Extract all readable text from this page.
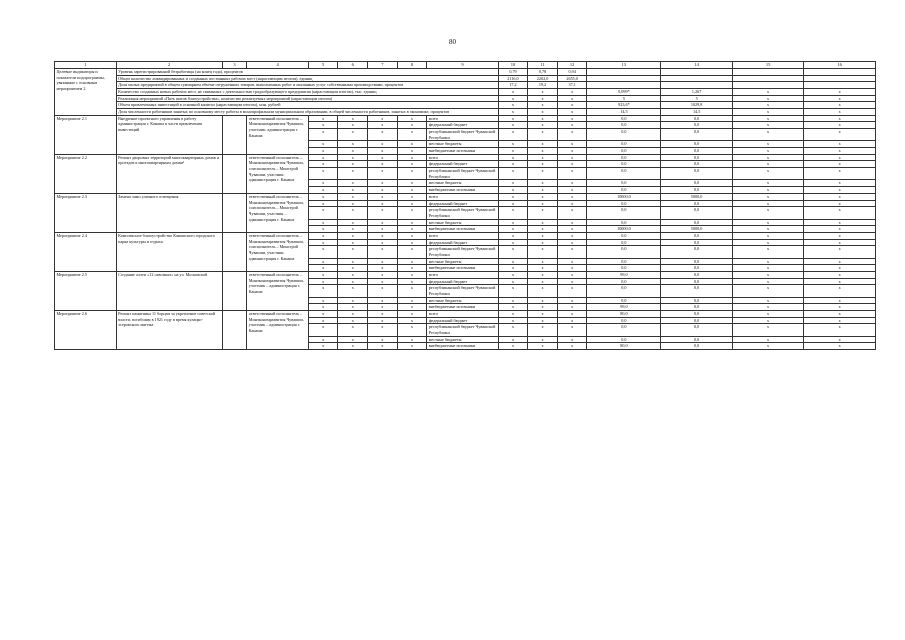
80
1	2	3	4	5	6	7	8	9	10	11	12	13	14	15	16
Целевые индикаторы и показатели подпрограммы, увязанные с основным мероприятием 2	Уровень зарегистрированной безработицы (на конец года), процентов								0,79	0,78	0,94				
	Общее количество ликвидированных и созданных постоянных рабочих мест (нарастающим итогом), единиц								2116,0	2202,0	2655,0				
	Доля малых предприятий в общем суммарном объеме отгруженных товаров, выполненных работ и оказанных услуг собственными производствами, процентов								17,2	19,2	37,1				
	Количество созданных новых рабочих мест, не связанных с деятельностью градообразующего предприятия (нарастающим итогом), тыс. единиц								х	х	х	0,099*	1,267	х	х
	Реализация мероприятий «Пять шагов благоустройства», количество реализуемых мероприятий (нарастающим итогом)								х	х	х	5	5	х	х
	Объем привлеченных инвестиций в основной капитал (нарастающим итогом), млн. рублей								х	х	х	923,6*	1029,8	х	х
	Доля численности работников занятых по основному месту работы в монопрофильном муниципальном образовании, в общей численности работников, занятых в экономике, процентов								х	х	х	14,5	14,5	х	х
Мероприятие 2.1	Внедрение проектного управления в работу администрации г. Канаша в части привлечения инвестиций		ответственный исполнитель – Минэкономразвития Чувашии, участник: администрация г. Канаша	х	х	х	х	всего	х	х	х	0,0	0,0	х	х
				х	х	х	х	федеральный бюджет	х	х	х	0,0	0,0	х	х
				х	х	х	х	республиканский бюджет Чувашской Республики	х	х	х	0,0	0,0	х	х
				х	х	х	х	местные бюджеты	х	х	х	0,0	0,0	х	х
				х	х	х	х	внебюджетные источники	х	х	х	0,0	0,0	х	х
Мероприятие 2.2	Ремонт дворовых территорий многоквартирных домов и проездов к многоквартирным домам¹		ответственный исполнитель – Минэкономразвития Чувашии, соисполнитель – Минстрой Чувашии, участник: администрация г. Канаша	х	х	х	х	всего	х	х	х	0,0	0,0	х	х
				х	х	х	х	федеральный бюджет	х	х	х	0,0	0,0	х	х
				х	х	х	х	республиканский бюджет Чувашской Республики	х	х	х	0,0	0,0	х	х
				х	х	х	х	местные бюджеты	х	х	х	0,0	0,0	х	х
				х	х	х	х	внебюджетные источники	х	х	х	0,0	0,0	х	х
Мероприятие 2.3	Замена ламп уличного освещения		ответственный исполнитель – Минэкономразвития Чувашии, соисполнитель – Минстрой Чувашии, участник – администрация г. Канаша	х	х	х	х	всего	х	х	х	10000,0	5000,0	х	х
				х	х	х	х	федеральный бюджет	х	х	х	0,0	0,0	х	х
				х	х	х	х	республиканский бюджет Чувашской Республики	х	х	х	0,0	0,0	х	х
				х	х	х	х	местные бюджеты	х	х	х	0,0	0,0	х	х
				х	х	х	х	внебюджетные источники	х	х	х	10000,0	5000,0	х	х
Мероприятие 2.4	Комплексное благоустройство Канашского городского парка культуры и отдыха		ответственный исполнитель – Минэкономразвития Чувашии, соисполнитель – Минстрой Чувашии, участник: администрация г. Канаша	х	х	х	х	всего	х	х	х	0,0	0,0	х	х
				х	х	х	х	федеральный бюджет	х	х	х	0,0	0,0	х	х
				х	х	х	х	республиканский бюджет Чувашской Республики	х	х	х	0,0	0,0	х	х
				х	х	х	х	местные бюджеты	х	х	х	0,0	0,0	х	х
				х	х	х	х	внебюджетные источники	х	х	х	0,0	0,0	х	х
Мероприятие 2.5	Создание аллеи «12 сквозных» на ул. Московской		ответственный исполнитель – Минэкономразвития Чувашии, участник – администрация г. Канаша	х	х	х	х	всего	х	х	х	99,0	0,0	х	х
				х	х	х	х	федеральный бюджет	х	х	х	0,0	0,0	х	х
				х	х	х	х	республиканский бюджет Чувашской Республики	х	х	х	0,0	0,0	х	х
				х	х	х	х	местные бюджеты	х	х	х	0,0	0,0	х	х
				х	х	х	х	внебюджетные источники	х	х	х	99,0	0,0	х	х
Мероприятие 2.6	Ремонт памятника 11 борцам за укрепление советской власти, погибшим в 1921 году в время кулацко-эсеровского мятежа		ответственный исполнитель – Минэкономразвития Чувашии, участник – администрация г. Канаша	х	х	х	х	всего	х	х	х	80,0	0,0	х	х
				х	х	х	х	федеральный бюджет	х	х	х	0,0	0,0	х	х
				х	х	х	х	республиканский бюджет Чувашской Республики	х	х	х	0,0	0,0	х	х
				х	х	х	х	местные бюджеты	х	х	х	0,0	0,0	х	х
				х	х	х	х	внебюджетные источники	х	х	х	80,0	0,0	х	х
